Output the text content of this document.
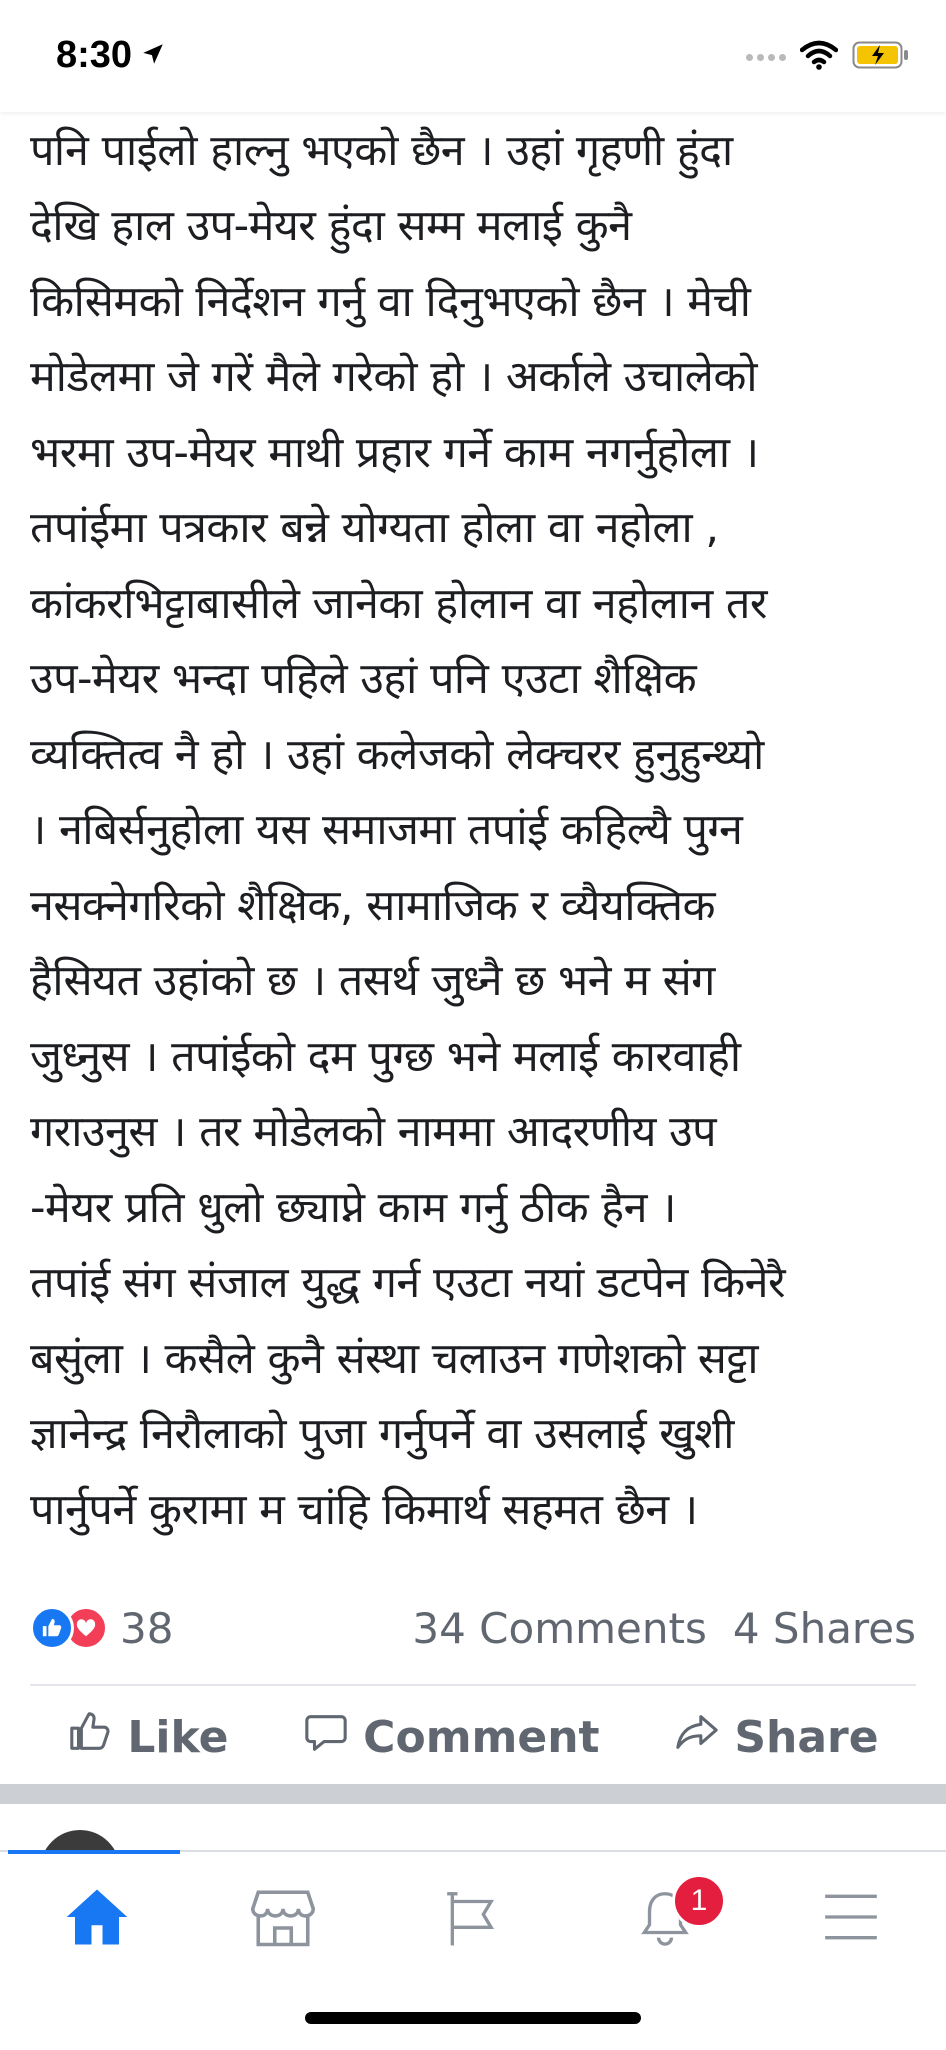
8:30

पनि पाईलो हाल्नु भएको छैन । उहां गृहणी हुंदा
देखि हाल उप-मेयर हुंदा सम्म मलाई कुनै
किसिमको निर्देशन गर्नु वा दिनुभएको छैन । मेची
मोडेलमा जे गरें मैले गरेको हो । अर्काले उचालेको
भरमा उप-मेयर माथी प्रहार गर्ने काम नगर्नुहोला ।
तपांईमा पत्रकार बन्ने योग्यता होला वा नहोला ,
कांकरभिट्टाबासीले जानेका होलान वा नहोलान तर
उप-मेयर भन्दा पहिले उहां पनि एउटा शैक्षिक
व्यक्तित्व नै हो । उहां कलेजको लेक्चरर हुनुहुन्थ्यो
। नबिर्सनुहोला यस समाजमा तपांई कहिल्यै पुग्न
नसक्नेगरिको शैक्षिक, सामाजिक र व्यैयक्तिक
हैसियत उहांको छ । तसर्थ जुध्नै छ भने म संग
जुध्नुस । तपांईको दम पुग्छ भने मलाई कारवाही
गराउनुस । तर मोडेलको नाममा आदरणीय उप
-मेयर प्रति धुलो छ्याप्ने काम गर्नु ठीक हैन ।
तपांई संग संजाल युद्ध गर्न एउटा नयां डटपेन किनेरै
बसुंला । कसैले कुनै संस्था चलाउन गणेशको सट्टा
ज्ञानेन्द्र निरौलाको पुजा गर्नुपर्ने वा उसलाई खुशी
पार्नुपर्ने कुरामा म चांहि किमार्थ सहमत छैन ।
38	34 Comments 4 Shares
Like	Comment	Share
1
